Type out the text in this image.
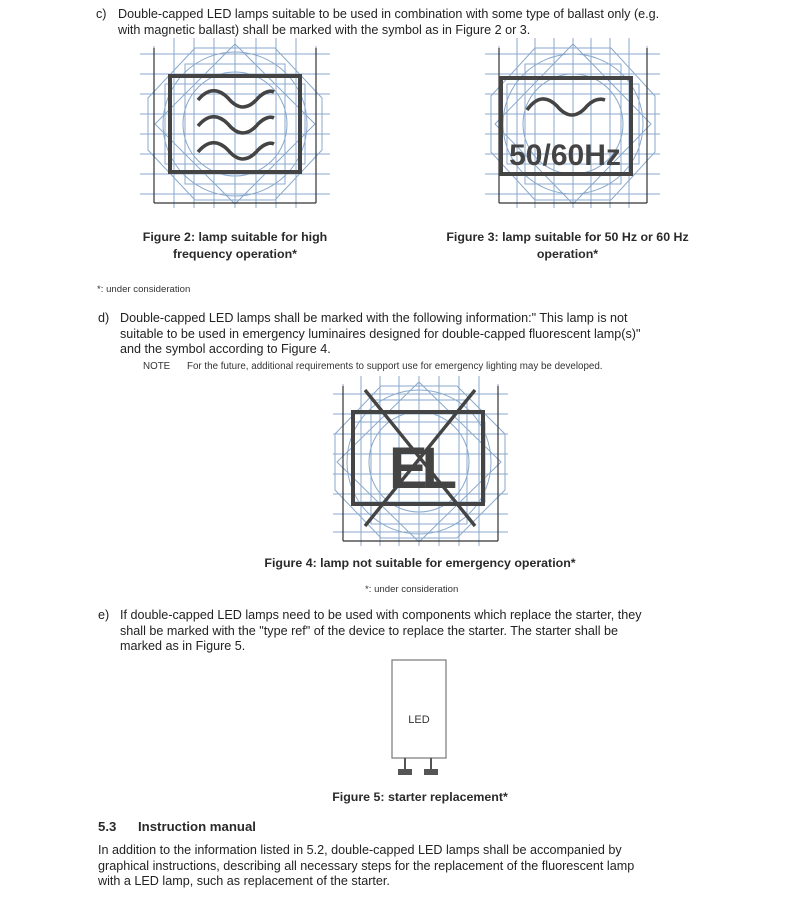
c) Double-capped LED lamps suitable to be used in combination with some type of ballast only (e.g.
with magnetic ballast) shall be marked with the symbol as in Figure 2 or 3.
50/60Hz
Figure 2: lamp suitable for high
frequency operation*
Figure 3: lamp suitable for 50 Hz or 60 Hz
operation*
*: under consideration
d) Double-capped LED lamps shall be marked with the following information:" This lamp is not
suitable to be used in emergency luminaires designed for double-capped fluorescent lamp(s)"
and the symbol according to Figure 4.
NOTE For the future, additional requirements to support use for emergency lighting may be developed.
EL
Figure 4: lamp not suitable for emergency operation*
*: under consideration
e) If double-capped LED lamps need to be used with components which replace the starter, they
shall be marked with the "type ref" of the device to replace the starter. The starter shall be
marked as in Figure 5.
LED
Figure 5: starter replacement*
5.3 Instruction manual
In addition to the information listed in 5.2, double-capped LED lamps shall be accompanied by
graphical instructions, describing all necessary steps for the replacement of the fluorescent lamp
with a LED lamp, such as replacement of the starter.
